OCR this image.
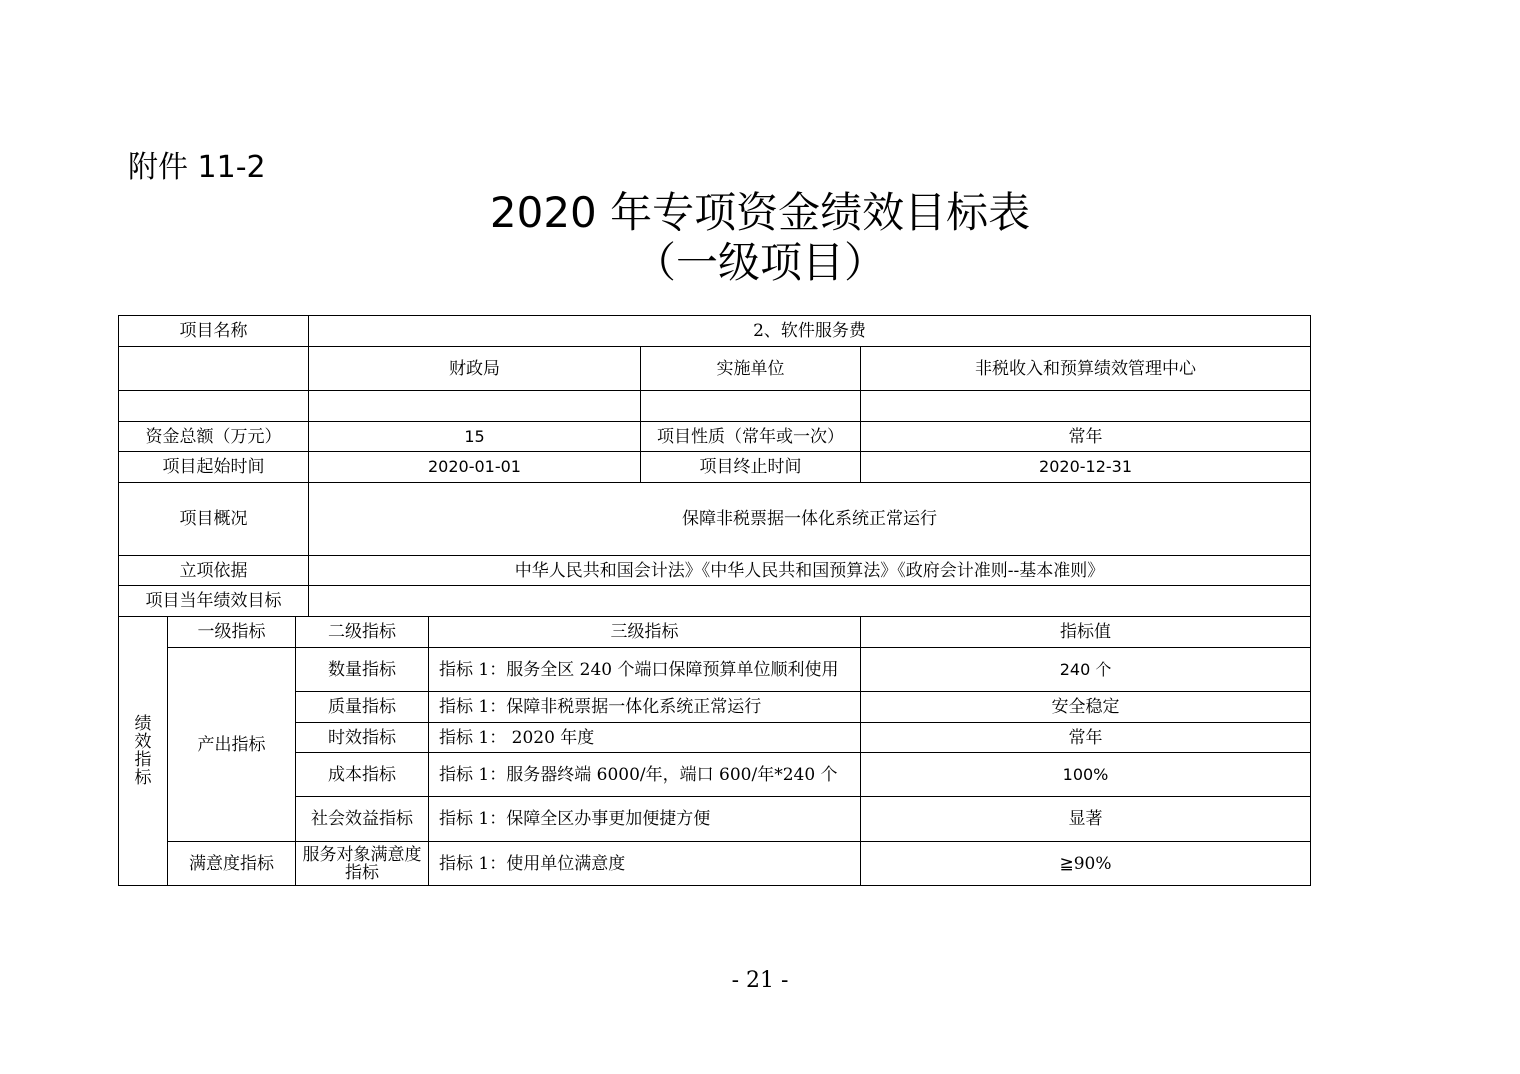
附件 11-2
2020 年专项资金绩效目标表
（一级项目）
项目名称			2、软件服务费			
			财政局		实施单位	非税收入和预算绩效管理中心

资金总额（万元）			15		项目性质（常年或一次）	常年
项目起始时间			2020-01-01		项目终止时间	2020-12-31
项目概况			保障非税票据一体化系统正常运行			
立项依据			中华人民共和国会计法》《中华人民共和国预算法》《政府会计准则--基本准则》			
项目当年绩效目标						

绩
效
指
标	一级指标	二级指标		三级指标		指标值
	产出指标	数量指标		指标 1：服务全区 240 个端口保障预算单位顺利使用		240 个
		质量指标		指标 1：保障非税票据一体化系统正常运行		安全稳定
		时效指标		指标 1： 2020 年度		常年
		成本指标		指标 1：服务器终端 6000/年，端口 600/年*240 个		100%
		社会效益指标		指标 1：保障全区办事更加便捷方便		显著
	满意度指标	服务对象满意度指标		指标 1：使用单位满意度		≧90%
- 21 -
